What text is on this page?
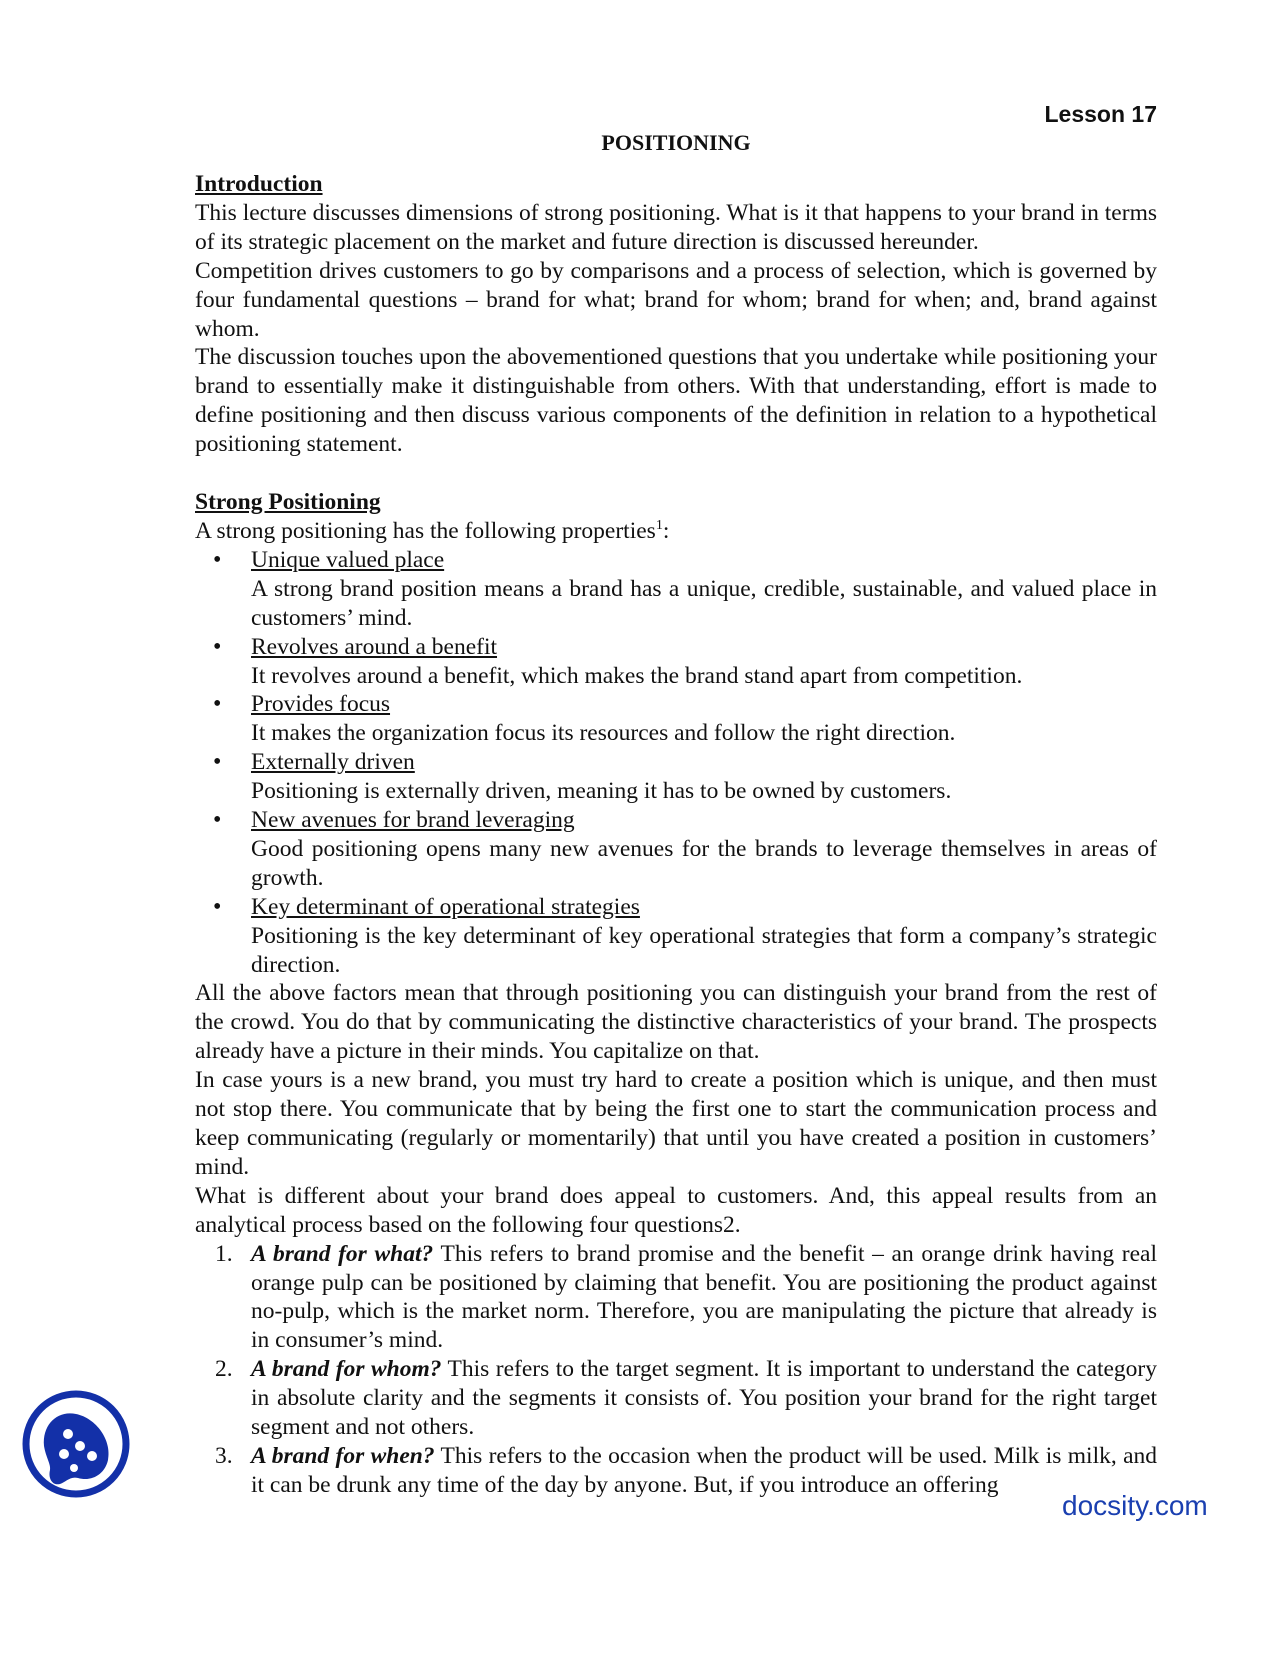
Lesson 17
POSITIONING
Introduction
This lecture discusses dimensions of strong positioning. What is it that happens to your brand in terms of its strategic placement on the market and future direction is discussed hereunder.
Competition drives customers to go by comparisons and a process of selection, which is governed by four fundamental questions – brand for what; brand for whom; brand for when; and, brand against whom.
The discussion touches upon the abovementioned questions that you undertake while positioning your brand to essentially make it distinguishable from others. With that understanding, effort is made to define positioning and then discuss various components of the definition in relation to a hypothetical positioning statement.
Strong Positioning
A strong positioning has the following properties$^1$:
• Unique valued place
A strong brand position means a brand has a unique, credible, sustainable, and valued place in customers’ mind.
• Revolves around a benefit
It revolves around a benefit, which makes the brand stand apart from competition.
• Provides focus
It makes the organization focus its resources and follow the right direction.
• Externally driven
Positioning is externally driven, meaning it has to be owned by customers.
• New avenues for brand leveraging
Good positioning opens many new avenues for the brands to leverage themselves in areas of growth.
• Key determinant of operational strategies
Positioning is the key determinant of key operational strategies that form a company’s strategic direction.
All the above factors mean that through positioning you can distinguish your brand from the rest of the crowd. You do that by communicating the distinctive characteristics of your brand. The prospects already have a picture in their minds. You capitalize on that.
In case yours is a new brand, you must try hard to create a position which is unique, and then must not stop there. You communicate that by being the first one to start the communication process and keep communicating (regularly or momentarily) that until you have created a position in customers’ mind.
What is different about your brand does appeal to customers. And, this appeal results from an analytical process based on the following four questions2.
1. A brand for what? This refers to brand promise and the benefit – an orange drink having real orange pulp can be positioned by claiming that benefit. You are positioning the product against no-pulp, which is the market norm. Therefore, you are manipulating the picture that already is in consumer’s mind.
2. A brand for whom? This refers to the target segment. It is important to understand the category in absolute clarity and the segments it consists of. You position your brand for the right target segment and not others.
3. A brand for when? This refers to the occasion when the product will be used. Milk is milk, and it can be drunk any time of the day by anyone. But, if you introduce an offering
docsity.com
